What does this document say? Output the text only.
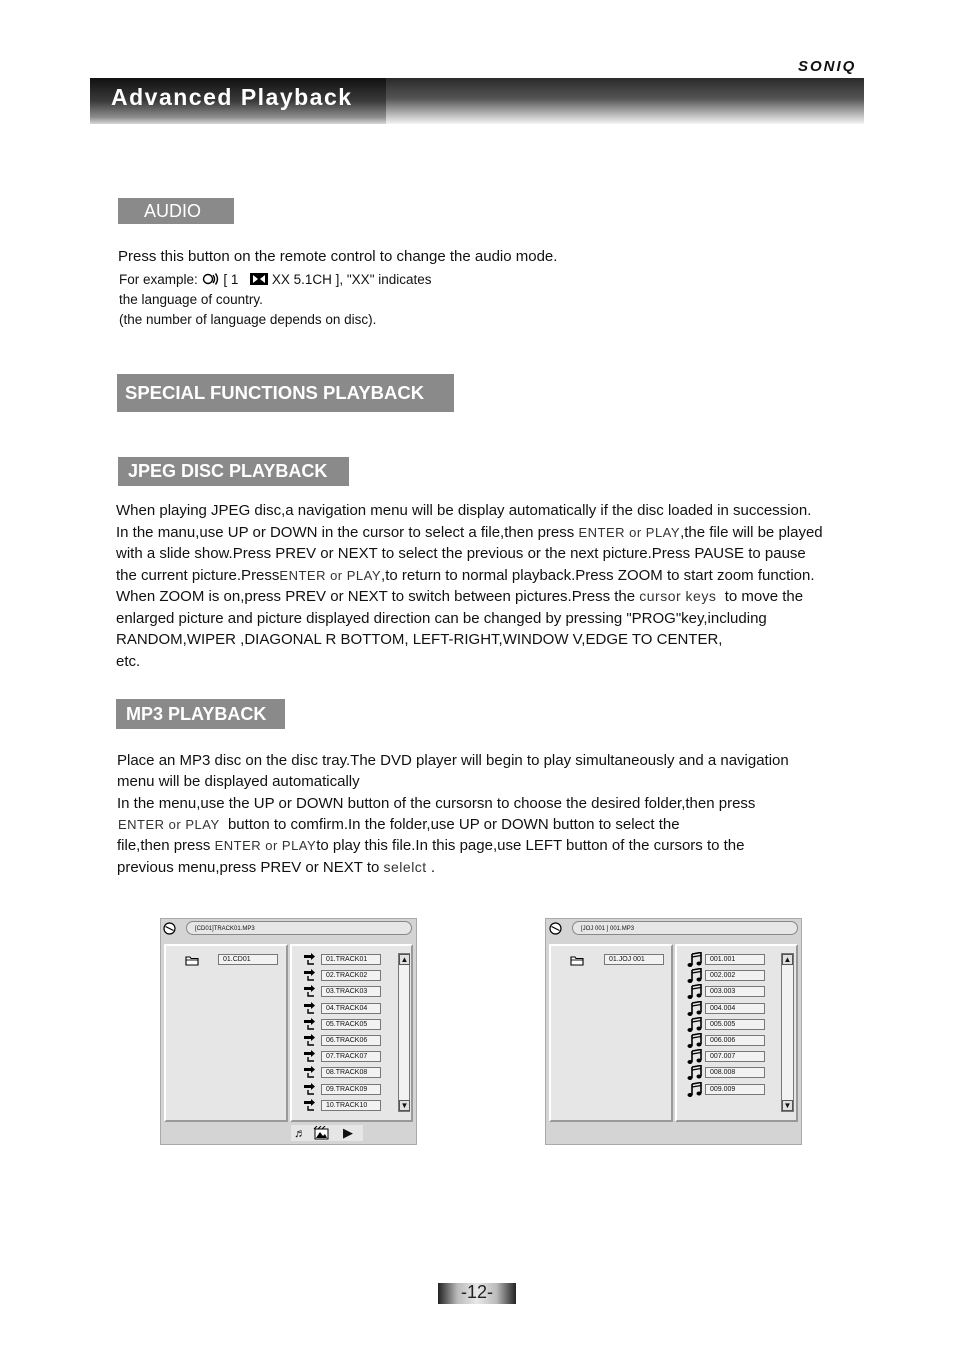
SONIQ
Advanced Playback
AUDIO
Press this button on the remote control to change the audio mode.
For example: [ 1 XX 5.1CH ], "XX" indicates
the language of country.
(the number of language depends on disc).
SPECIAL FUNCTIONS PLAYBACK
JPEG DISC PLAYBACK
When playing JPEG disc,a navigation menu will be display automatically if the disc loaded in succession.
In the manu,use UP or DOWN in the cursor to select a file,then press ENTER or PLAY,the file will be played
with a slide show.Press PREV or NEXT to select the previous or the next picture.Press PAUSE to pause
the current picture.PressENTER or PLAY,to return to normal playback.Press ZOOM to start zoom function.
When ZOOM is on,press PREV or NEXT to switch between pictures.Press the cursor keys to move the
enlarged picture and picture displayed direction can be changed by pressing "PROG"key,including
RANDOM,WIPER ,DIAGONAL R BOTTOM, LEFT-RIGHT,WINDOW V,EDGE TO CENTER,
etc.
MP3 PLAYBACK
Place an MP3 disc on the disc tray.The DVD player will begin to play simultaneously and a navigation
menu will be displayed automatically
In the menu,use the UP or DOWN button of the cursorsn to choose the desired folder,then press
ENTER or PLAY button to comfirm.In the folder,use UP or DOWN button to select the
file,then press ENTER or PLAYto play this file.In this page,use LEFT button of the cursors to the
previous menu,press PREV or NEXT to selelct .
[CD01]TRACK01.MP3
01.CD01	01.TRACK01
02.TRACK02
03.TRACK03
04.TRACK04
05.TRACK05
06.TRACK06
07.TRACK07
08.TRACK08
09.TRACK09
10.TRACK10
▲
▼
♬	▶
[JOJ 001 ] 001.MP3
01.JOJ 001	001.001
002.002
003.003
004.004
005.005
006.006
007.007
008.008
009.009
▲
▼
-12-
